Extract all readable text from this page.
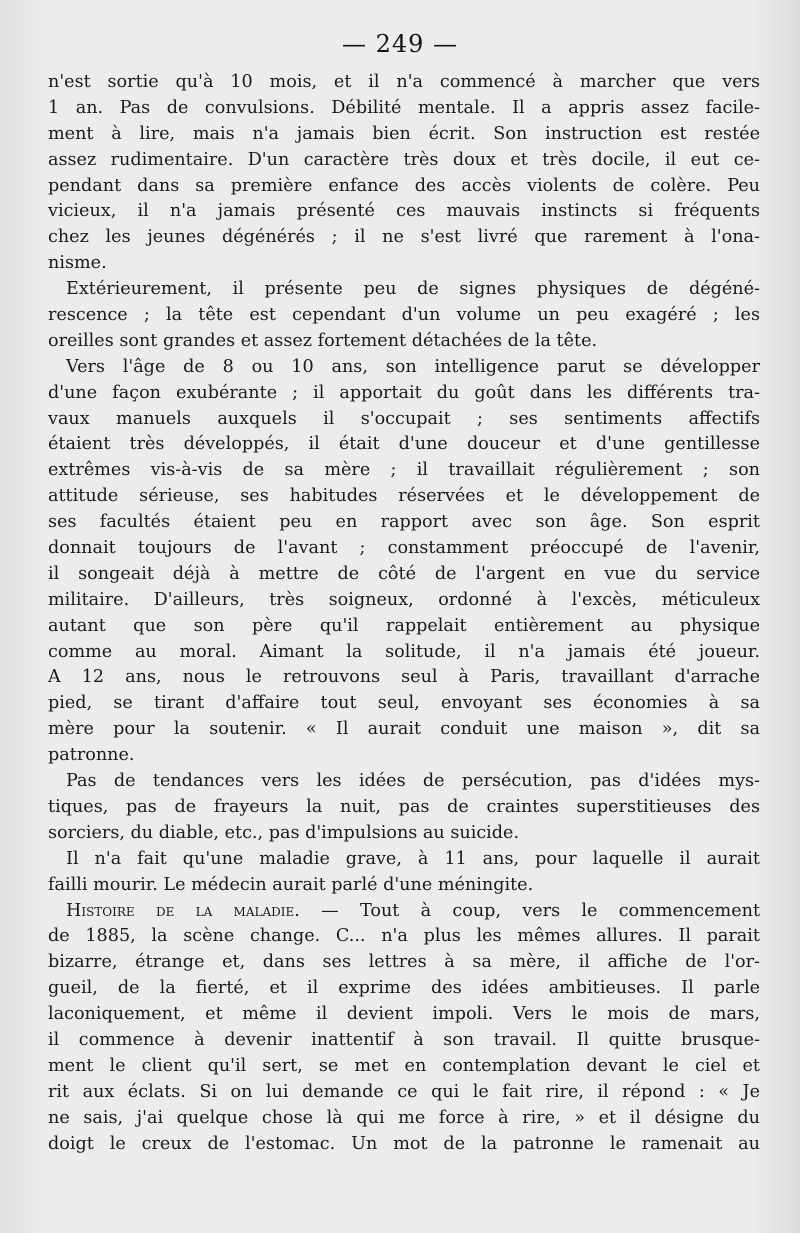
— 249 —
n'est sortie qu'à 10 mois, et il n'a commencé à marcher que vers
1 an. Pas de convulsions. Débilité mentale. Il a appris assez facile-
ment à lire, mais n'a jamais bien écrit. Son instruction est restée
assez rudimentaire. D'un caractère très doux et très docile, il eut ce-
pendant dans sa première enfance des accès violents de colère. Peu
vicieux, il n'a jamais présenté ces mauvais instincts si fréquents
chez les jeunes dégénérés ; il ne s'est livré que rarement à l'ona-
nisme.
Extérieurement, il présente peu de signes physiques de dégéné-
rescence ; la tête est cependant d'un volume un peu exagéré ; les
oreilles sont grandes et assez fortement détachées de la tête.
Vers l'âge de 8 ou 10 ans, son intelligence parut se développer
d'une façon exubérante ; il apportait du goût dans les différents tra-
vaux manuels auxquels il s'occupait ; ses sentiments affectifs
étaient très développés, il était d'une douceur et d'une gentillesse
extrêmes vis-à-vis de sa mère ; il travaillait régulièrement ; son
attitude sérieuse, ses habitudes réservées et le développement de
ses facultés étaient peu en rapport avec son âge. Son esprit
donnait toujours de l'avant ; constamment préoccupé de l'avenir,
il songeait déjà à mettre de côté de l'argent en vue du service
militaire. D'ailleurs, très soigneux, ordonné à l'excès, méticuleux
autant que son père qu'il rappelait entièrement au physique
comme au moral. Aimant la solitude, il n'a jamais été joueur.
A 12 ans, nous le retrouvons seul à Paris, travaillant d'arrache
pied, se tirant d'affaire tout seul, envoyant ses économies à sa
mère pour la soutenir. « Il aurait conduit une maison », dit sa
patronne.
Pas de tendances vers les idées de persécution, pas d'idées mys-
tiques, pas de frayeurs la nuit, pas de craintes superstitieuses des
sorciers, du diable, etc., pas d'impulsions au suicide.
Il n'a fait qu'une maladie grave, à 11 ans, pour laquelle il aurait
failli mourir. Le médecin aurait parlé d'une méningite.
Histoire de la maladie. — Tout à coup, vers le commencement
de 1885, la scène change. C... n'a plus les mêmes allures. Il parait
bizarre, étrange et, dans ses lettres à sa mère, il affiche de l'or-
gueil, de la fierté, et il exprime des idées ambitieuses. Il parle
laconiquement, et même il devient impoli. Vers le mois de mars,
il commence à devenir inattentif à son travail. Il quitte brusque-
ment le client qu'il sert, se met en contemplation devant le ciel et
rit aux éclats. Si on lui demande ce qui le fait rire, il répond : « Je
ne sais, j'ai quelque chose là qui me force à rire, » et il désigne du
doigt le creux de l'estomac. Un mot de la patronne le ramenait au
